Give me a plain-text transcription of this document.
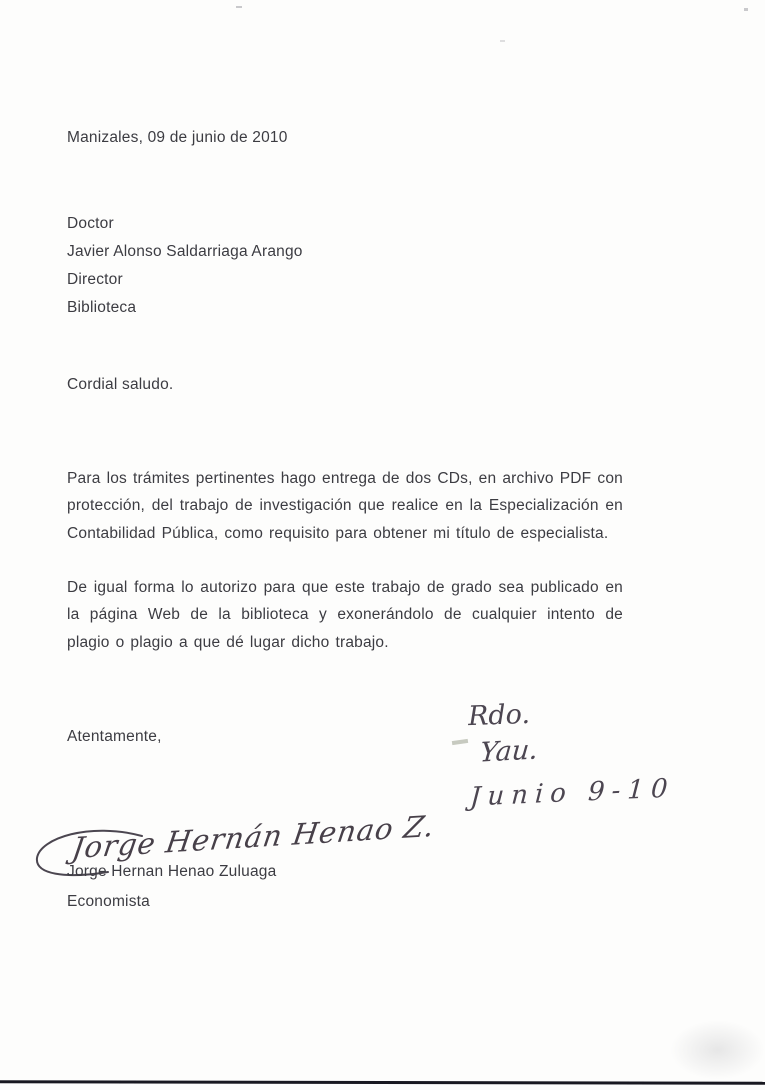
Manizales, 09 de junio de 2010
Doctor
Javier Alonso Saldarriaga Arango
Director
Biblioteca
Cordial saludo.

Para los trámites pertinentes hago entrega de dos CDs, en archivo PDF con protección, del trabajo de investigación que realice en la Especialización en Contabilidad Pública, como requisito para obtener mi título de especialista.

De igual forma lo autorizo para que este trabajo de grado sea publicado en la página Web de la biblioteca y exonerándolo de cualquier intento de plagio o plagio a que dé lugar dicho trabajo.

Atentamente,
Rdo.
Yau.
Junio 9-10
Jorge Hernán Henao Z.
Jorge Hernan Henao Zuluaga
Economista
